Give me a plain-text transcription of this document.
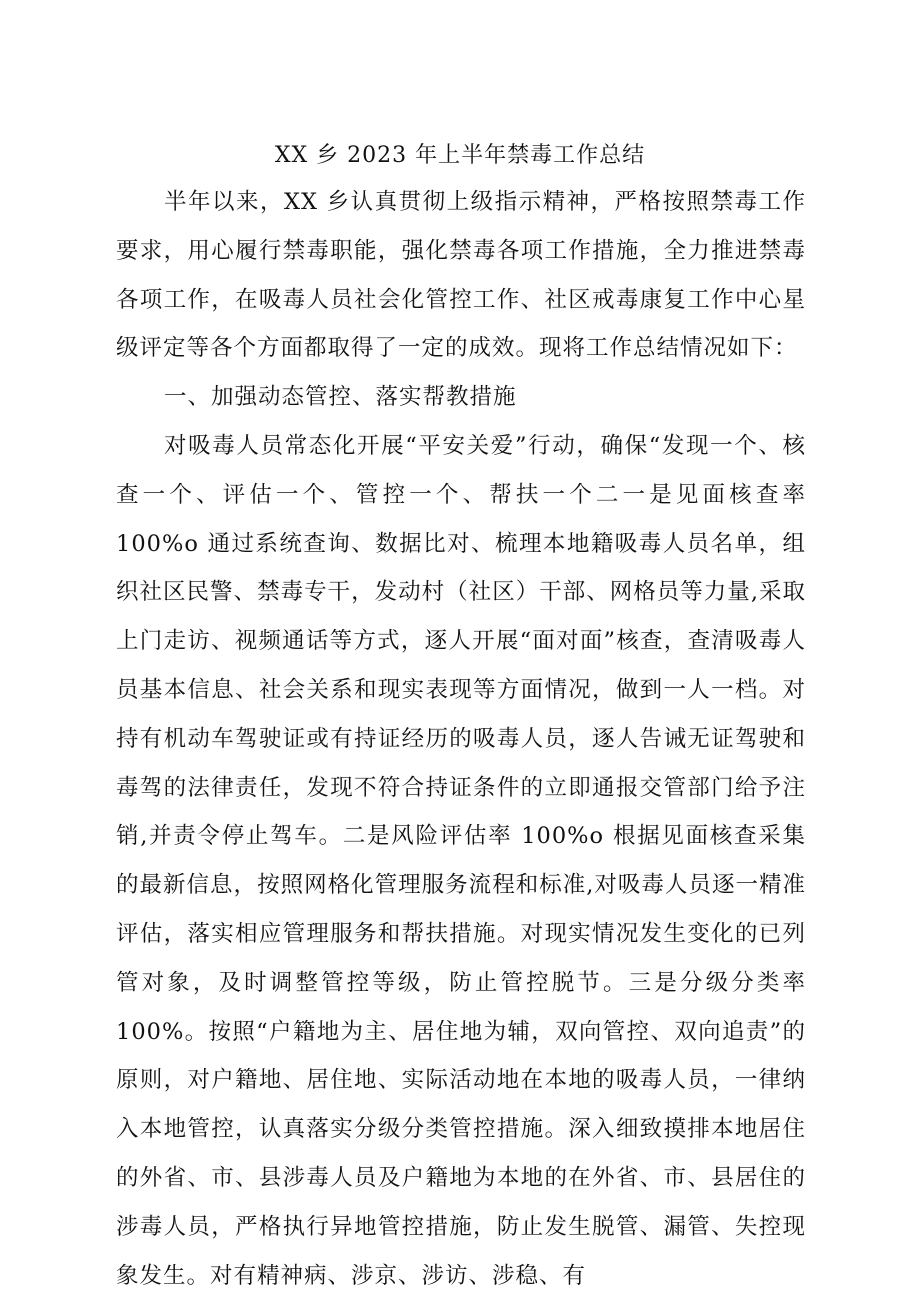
XX 乡 2023 年上半年禁毒工作总结

半年以来，XX 乡认真贯彻上级指示精神，严格按照禁毒工作要求，用心履行禁毒职能，强化禁毒各项工作措施，全力推进禁毒各项工作，在吸毒人员社会化管控工作、社区戒毒康复工作中心星级评定等各个方面都取得了一定的成效。现将工作总结情况如下：

一、加强动态管控、落实帮教措施

对吸毒人员常态化开展“平安关爱”行动，确保“发现一个、核查一个、评估一个、管控一个、帮扶一个二一是见面核查率 100%o 通过系统查询、数据比对、梳理本地籍吸毒人员名单，组织社区民警、禁毒专干，发动村（社区）干部、网格员等力量,采取上门走访、视频通话等方式，逐人开展“面对面”核查，查清吸毒人员基本信息、社会关系和现实表现等方面情况，做到一人一档。对持有机动车驾驶证或有持证经历的吸毒人员，逐人告诫无证驾驶和毒驾的法律责任，发现不符合持证条件的立即通报交管部门给予注销,并责令停止驾车。二是风险评估率 100%o 根据见面核查采集的最新信息，按照网格化管理服务流程和标准,对吸毒人员逐一精准评估，落实相应管理服务和帮扶措施。对现实情况发生变化的已列管对象，及时调整管控等级，防止管控脱节。三是分级分类率 100%。按照“户籍地为主、居住地为辅，双向管控、双向追责”的原则，对户籍地、居住地、实际活动地在本地的吸毒人员，一律纳入本地管控，认真落实分级分类管控措施。深入细致摸排本地居住的外省、市、县涉毒人员及户籍地为本地的在外省、市、县居住的涉毒人员，严格执行异地管控措施，防止发生脱管、漏管、失控现象发生。对有精神病、涉京、涉访、涉稳、有
